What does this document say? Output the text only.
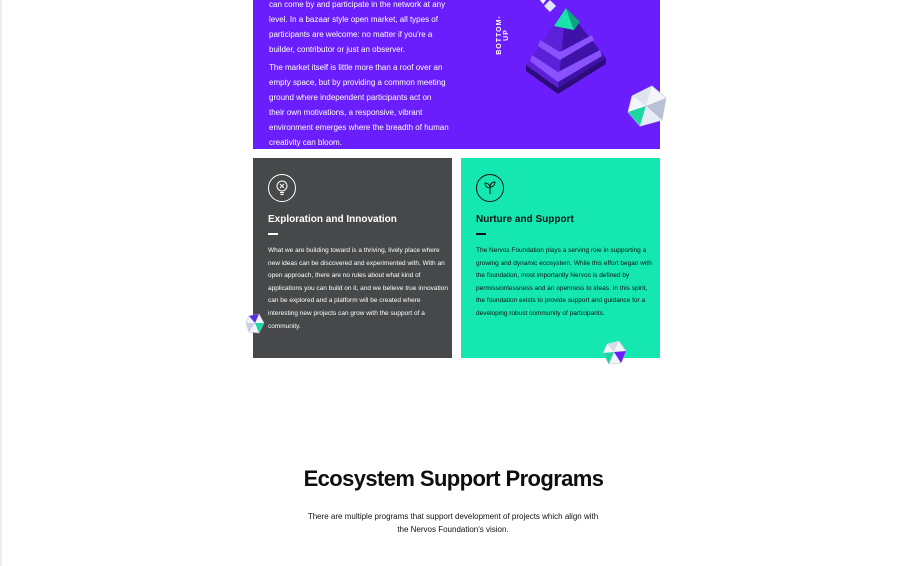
can come by and participate in the network at any level. In a bazaar style open market, all types of participants are welcome: no matter if you're a builder, contributor or just an observer.

The market itself is little more than a roof over an empty space, but by providing a common meeting ground where independent participants act on their own motivations, a responsive, vibrant environment emerges where the breadth of human creativity can bloom.

BOTTOM-UP
Exploration and Innovation

What we are building toward is a thriving, lively place where new ideas can be discovered and experimented with. With an open approach, there are no rules about what kind of applications you can build on it, and we believe true innovation can be explored and a platform will be created where interesting new projects can grow with the support of a community.

Nurture and Support

The Nervos Foundation plays a serving role in supporting a growing and dynamic ecosystem. While this effort began with the foundation, most importantly Nervos is defined by permissionlessness and an openness to ideas. In this spirit, the foundation exists to provide support and guidance for a developing robust community of participants.

Ecosystem Support Programs

There are multiple programs that support development of projects which align with the Nervos Foundation's vision.
